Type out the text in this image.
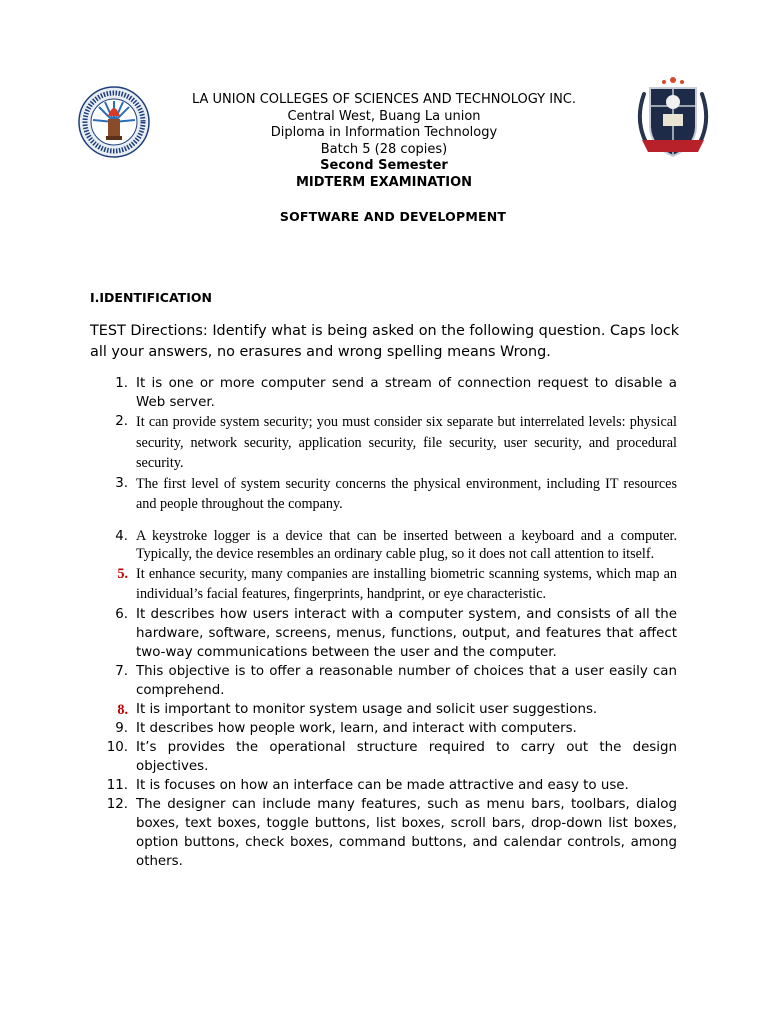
LA UNION COLLEGES OF SCIENCES AND TECHNOLOGY INC.
Central West, Buang La union
Diploma in Information Technology
Batch 5 (28 copies)
Second Semester
MIDTERM EXAMINATION
SOFTWARE AND DEVELOPMENT
I.IDENTIFICATION
TEST Directions: Identify what is being asked on the following question. Caps lock all your answers, no erasures and wrong spelling means Wrong.
1. It is one or more computer send a stream of connection request to disable a Web server.
2. It can provide system security; you must consider six separate but interrelated levels: physical security, network security, application security, file security, user security, and procedural security.
3. The first level of system security concerns the physical environment, including IT resources and people throughout the company.
4. A keystroke logger is a device that can be inserted between a keyboard and a computer. Typically, the device resembles an ordinary cable plug, so it does not call attention to itself.
5. It enhance security, many companies are installing biometric scanning systems, which map an individual’s facial features, fingerprints, handprint, or eye characteristic.
6. It describes how users interact with a computer system, and consists of all the hardware, software, screens, menus, functions, output, and features that affect two-way communications between the user and the computer.
7. This objective is to offer a reasonable number of choices that a user easily can comprehend.
8. It is important to monitor system usage and solicit user suggestions.
9. It describes how people work, learn, and interact with computers.
10. It’s provides the operational structure required to carry out the design objectives.
11. It is focuses on how an interface can be made attractive and easy to use.
12. The designer can include many features, such as menu bars, toolbars, dialog boxes, text boxes, toggle buttons, list boxes, scroll bars, drop-down list boxes, option buttons, check boxes, command buttons, and calendar controls, among others.
